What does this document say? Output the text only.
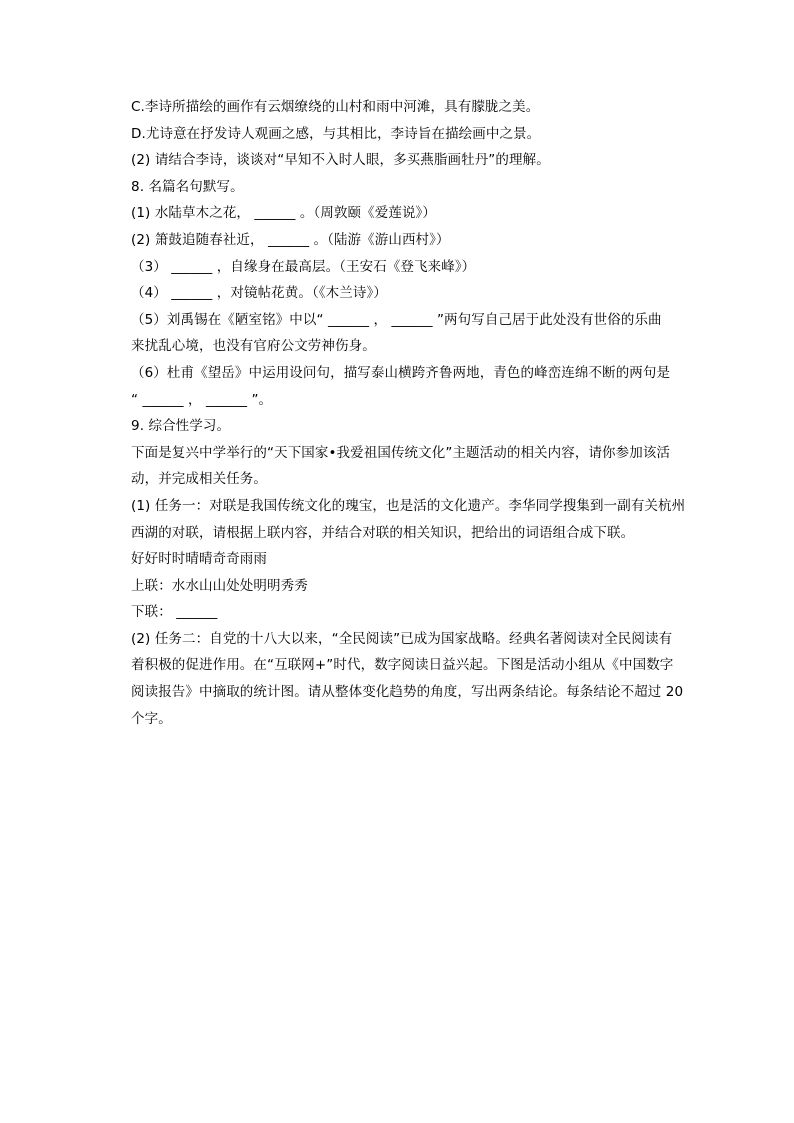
C.李诗所描绘的画作有云烟缭绕的山村和雨中河滩，具有朦胧之美。
D.尤诗意在抒发诗人观画之感，与其相比，李诗旨在描绘画中之景。
(2) 请结合李诗，谈谈对“早知不入时人眼，多买燕脂画牡丹”的理解。
8. 名篇名句默写。
(1) 水陆草木之花， ______ 。（周敦颐《爱莲说》）
(2) 箫鼓追随春社近， ______ 。（陆游《游山西村》）
（3） ______ ，自缘身在最高层。（王安石《登飞来峰》）
（4） ______ ，对镜帖花黄。（《木兰诗》）
（5）刘禹锡在《陋室铭》中以“ ______ ， ______ ”两句写自己居于此处没有世俗的乐曲
来扰乱心境，也没有官府公文劳神伤身。
（6）杜甫《望岳》中运用设问句，描写泰山横跨齐鲁两地，青色的峰峦连绵不断的两句是
“ ______ ， ______ ”。
9. 综合性学习。
下面是复兴中学举行的“天下国家•我爱祖国传统文化”主题活动的相关内容，请你参加该活
动，并完成相关任务。
(1) 任务一：对联是我国传统文化的瑰宝，也是活的文化遗产。李华同学搜集到一副有关杭州
西湖的对联，请根据上联内容，并结合对联的相关知识，把给出的词语组合成下联。
好好时时晴晴奇奇雨雨
上联：水水山山处处明明秀秀
下联： ______
(2) 任务二：自党的十八大以来，“全民阅读”已成为国家战略。经典名著阅读对全民阅读有
着积极的促进作用。在“互联网+”时代，数字阅读日益兴起。下图是活动小组从《中国数字
阅读报告》中摘取的统计图。请从整体变化趋势的角度，写出两条结论。每条结论不超过 20
个字。
